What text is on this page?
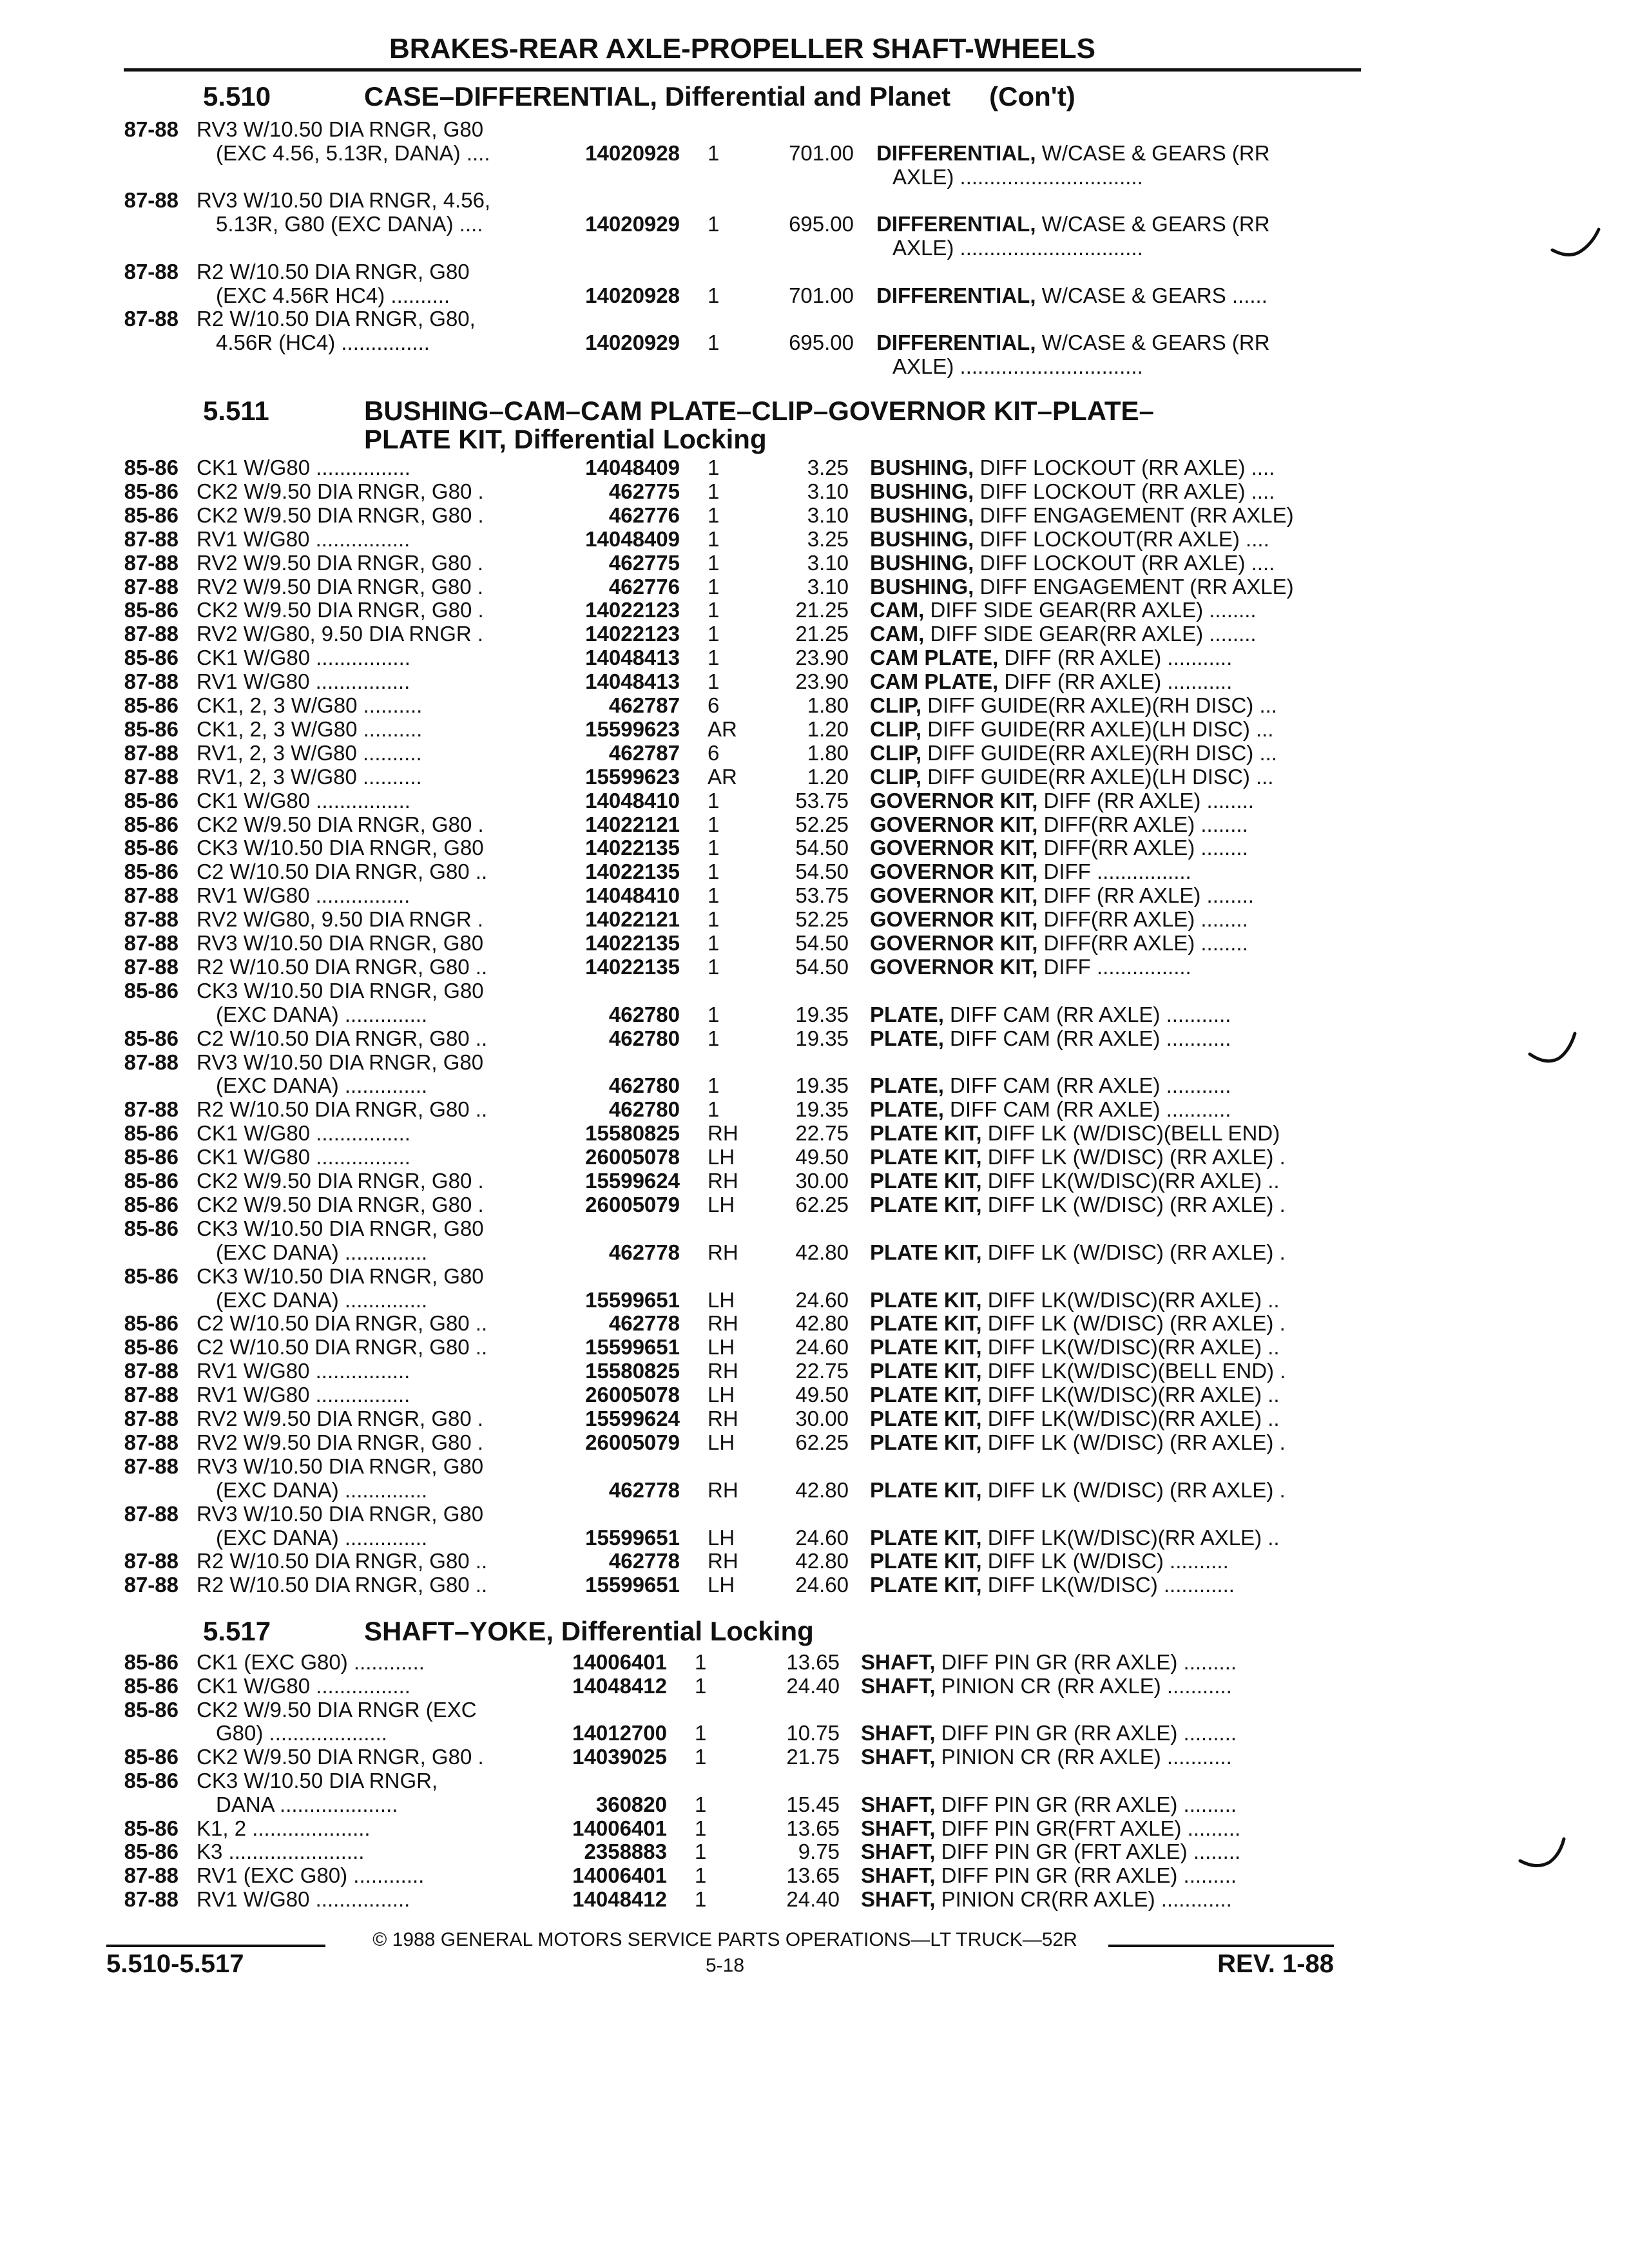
BRAKES-REAR AXLE-PROPELLER SHAFT-WHEELS
5.510-5.517
© 1988 GENERAL MOTORS SERVICE PARTS OPERATIONS—LT TRUCK—52R
5-18	REV. 1-88
5.510	CASE–DIFFERENTIAL, Differential and Planet (Con't)
87-88 RV3 W/10.50 DIA RNGR, G80
(EXC 4.56, 5.13R, DANA) ....	14020928 1	701.00 DIFFERENTIAL, W/CASE & GEARS (RR
AXLE) ...............................
87-88 RV3 W/10.50 DIA RNGR, 4.56,
5.13R, G80 (EXC DANA) ....	14020929 1	695.00 DIFFERENTIAL, W/CASE & GEARS (RR
AXLE) ...............................
87-88 R2 W/10.50 DIA RNGR, G80
(EXC 4.56R HC4) ..........	14020928 1	701.00 DIFFERENTIAL, W/CASE & GEARS ......
87-88 R2 W/10.50 DIA RNGR, G80,
4.56R (HC4) ...............	14020929 1	695.00 DIFFERENTIAL, W/CASE & GEARS (RR
AXLE) ...............................
5.511	BUSHING–CAM–CAM PLATE–CLIP–GOVERNOR KIT–PLATE–
PLATE KIT, Differential Locking
85-86 CK1 W/G80 ................	14048409 1	3.25 BUSHING, DIFF LOCKOUT (RR AXLE) ....
85-86 CK2 W/9.50 DIA RNGR, G80 .	462775 1	3.10 BUSHING, DIFF LOCKOUT (RR AXLE) ....
85-86 CK2 W/9.50 DIA RNGR, G80 .	462776 1	3.10 BUSHING, DIFF ENGAGEMENT (RR AXLE)
87-88 RV1 W/G80 ................	14048409 1	3.25 BUSHING, DIFF LOCKOUT(RR AXLE) ....
87-88 RV2 W/9.50 DIA RNGR, G80 .	462775 1	3.10 BUSHING, DIFF LOCKOUT (RR AXLE) ....
87-88 RV2 W/9.50 DIA RNGR, G80 .	462776 1	3.10 BUSHING, DIFF ENGAGEMENT (RR AXLE)
85-86 CK2 W/9.50 DIA RNGR, G80 .	14022123 1	21.25 CAM, DIFF SIDE GEAR(RR AXLE) ........
87-88 RV2 W/G80, 9.50 DIA RNGR .	14022123 1	21.25 CAM, DIFF SIDE GEAR(RR AXLE) ........
85-86 CK1 W/G80 ................	14048413 1	23.90 CAM PLATE, DIFF (RR AXLE) ...........
87-88 RV1 W/G80 ................	14048413 1	23.90 CAM PLATE, DIFF (RR AXLE) ...........
85-86 CK1, 2, 3 W/G80 ..........	462787 6	1.80 CLIP, DIFF GUIDE(RR AXLE)(RH DISC) ...
85-86 CK1, 2, 3 W/G80 ..........	15599623 AR	1.20 CLIP, DIFF GUIDE(RR AXLE)(LH DISC) ...
87-88 RV1, 2, 3 W/G80 ..........	462787 6	1.80 CLIP, DIFF GUIDE(RR AXLE)(RH DISC) ...
87-88 RV1, 2, 3 W/G80 ..........	15599623 AR	1.20 CLIP, DIFF GUIDE(RR AXLE)(LH DISC) ...
85-86 CK1 W/G80 ................	14048410 1	53.75 GOVERNOR KIT, DIFF (RR AXLE) ........
85-86 CK2 W/9.50 DIA RNGR, G80 .	14022121 1	52.25 GOVERNOR KIT, DIFF(RR AXLE) ........
85-86 CK3 W/10.50 DIA RNGR, G80	14022135 1	54.50 GOVERNOR KIT, DIFF(RR AXLE) ........
85-86 C2 W/10.50 DIA RNGR, G80 ..	14022135 1	54.50 GOVERNOR KIT, DIFF ................
87-88 RV1 W/G80 ................	14048410 1	53.75 GOVERNOR KIT, DIFF (RR AXLE) ........
87-88 RV2 W/G80, 9.50 DIA RNGR .	14022121 1	52.25 GOVERNOR KIT, DIFF(RR AXLE) ........
87-88 RV3 W/10.50 DIA RNGR, G80	14022135 1	54.50 GOVERNOR KIT, DIFF(RR AXLE) ........
87-88 R2 W/10.50 DIA RNGR, G80 ..	14022135 1	54.50 GOVERNOR KIT, DIFF ................
85-86 CK3 W/10.50 DIA RNGR, G80
(EXC DANA) ..............	462780 1	19.35 PLATE, DIFF CAM (RR AXLE) ...........
85-86 C2 W/10.50 DIA RNGR, G80 ..	462780 1	19.35 PLATE, DIFF CAM (RR AXLE) ...........
87-88 RV3 W/10.50 DIA RNGR, G80
(EXC DANA) ..............	462780 1	19.35 PLATE, DIFF CAM (RR AXLE) ...........
87-88 R2 W/10.50 DIA RNGR, G80 ..	462780 1	19.35 PLATE, DIFF CAM (RR AXLE) ...........
85-86 CK1 W/G80 ................	15580825 RH	22.75 PLATE KIT, DIFF LK (W/DISC)(BELL END)
85-86 CK1 W/G80 ................	26005078 LH	49.50 PLATE KIT, DIFF LK (W/DISC) (RR AXLE) .
85-86 CK2 W/9.50 DIA RNGR, G80 .	15599624 RH	30.00 PLATE KIT, DIFF LK(W/DISC)(RR AXLE) ..
85-86 CK2 W/9.50 DIA RNGR, G80 .	26005079 LH	62.25 PLATE KIT, DIFF LK (W/DISC) (RR AXLE) .
85-86 CK3 W/10.50 DIA RNGR, G80
(EXC DANA) ..............	462778 RH	42.80 PLATE KIT, DIFF LK (W/DISC) (RR AXLE) .
85-86 CK3 W/10.50 DIA RNGR, G80
(EXC DANA) ..............	15599651 LH	24.60 PLATE KIT, DIFF LK(W/DISC)(RR AXLE) ..
85-86 C2 W/10.50 DIA RNGR, G80 ..	462778 RH	42.80 PLATE KIT, DIFF LK (W/DISC) (RR AXLE) .
85-86 C2 W/10.50 DIA RNGR, G80 ..	15599651 LH	24.60 PLATE KIT, DIFF LK(W/DISC)(RR AXLE) ..
87-88 RV1 W/G80 ................	15580825 RH	22.75 PLATE KIT, DIFF LK(W/DISC)(BELL END) .
87-88 RV1 W/G80 ................	26005078 LH	49.50 PLATE KIT, DIFF LK(W/DISC)(RR AXLE) ..
87-88 RV2 W/9.50 DIA RNGR, G80 .	15599624 RH	30.00 PLATE KIT, DIFF LK(W/DISC)(RR AXLE) ..
87-88 RV2 W/9.50 DIA RNGR, G80 .	26005079 LH	62.25 PLATE KIT, DIFF LK (W/DISC) (RR AXLE) .
87-88 RV3 W/10.50 DIA RNGR, G80
(EXC DANA) ..............	462778 RH	42.80 PLATE KIT, DIFF LK (W/DISC) (RR AXLE) .
87-88 RV3 W/10.50 DIA RNGR, G80
(EXC DANA) ..............	15599651 LH	24.60 PLATE KIT, DIFF LK(W/DISC)(RR AXLE) ..
87-88 R2 W/10.50 DIA RNGR, G80 ..	462778 RH	42.80 PLATE KIT, DIFF LK (W/DISC) ..........
87-88 R2 W/10.50 DIA RNGR, G80 ..	15599651 LH	24.60 PLATE KIT, DIFF LK(W/DISC) ............
5.517	SHAFT–YOKE, Differential Locking
85-86 CK1 (EXC G80) ............	14006401 1	13.65 SHAFT, DIFF PIN GR (RR AXLE) .........
85-86 CK1 W/G80 ................	14048412 1	24.40 SHAFT, PINION CR (RR AXLE) ...........
85-86 CK2 W/9.50 DIA RNGR (EXC
G80) ....................	14012700 1	10.75 SHAFT, DIFF PIN GR (RR AXLE) .........
85-86 CK2 W/9.50 DIA RNGR, G80 .	14039025 1	21.75 SHAFT, PINION CR (RR AXLE) ...........
85-86 CK3 W/10.50 DIA RNGR,
DANA ....................	360820 1	15.45 SHAFT, DIFF PIN GR (RR AXLE) .........
85-86 K1, 2 ....................	14006401 1	13.65 SHAFT, DIFF PIN GR(FRT AXLE) .........
85-86 K3 .......................	2358883 1	9.75 SHAFT, DIFF PIN GR (FRT AXLE) ........
87-88 RV1 (EXC G80) ............	14006401 1	13.65 SHAFT, DIFF PIN GR (RR AXLE) .........
87-88 RV1 W/G80 ................	14048412 1	24.40 SHAFT, PINION CR(RR AXLE) ............
